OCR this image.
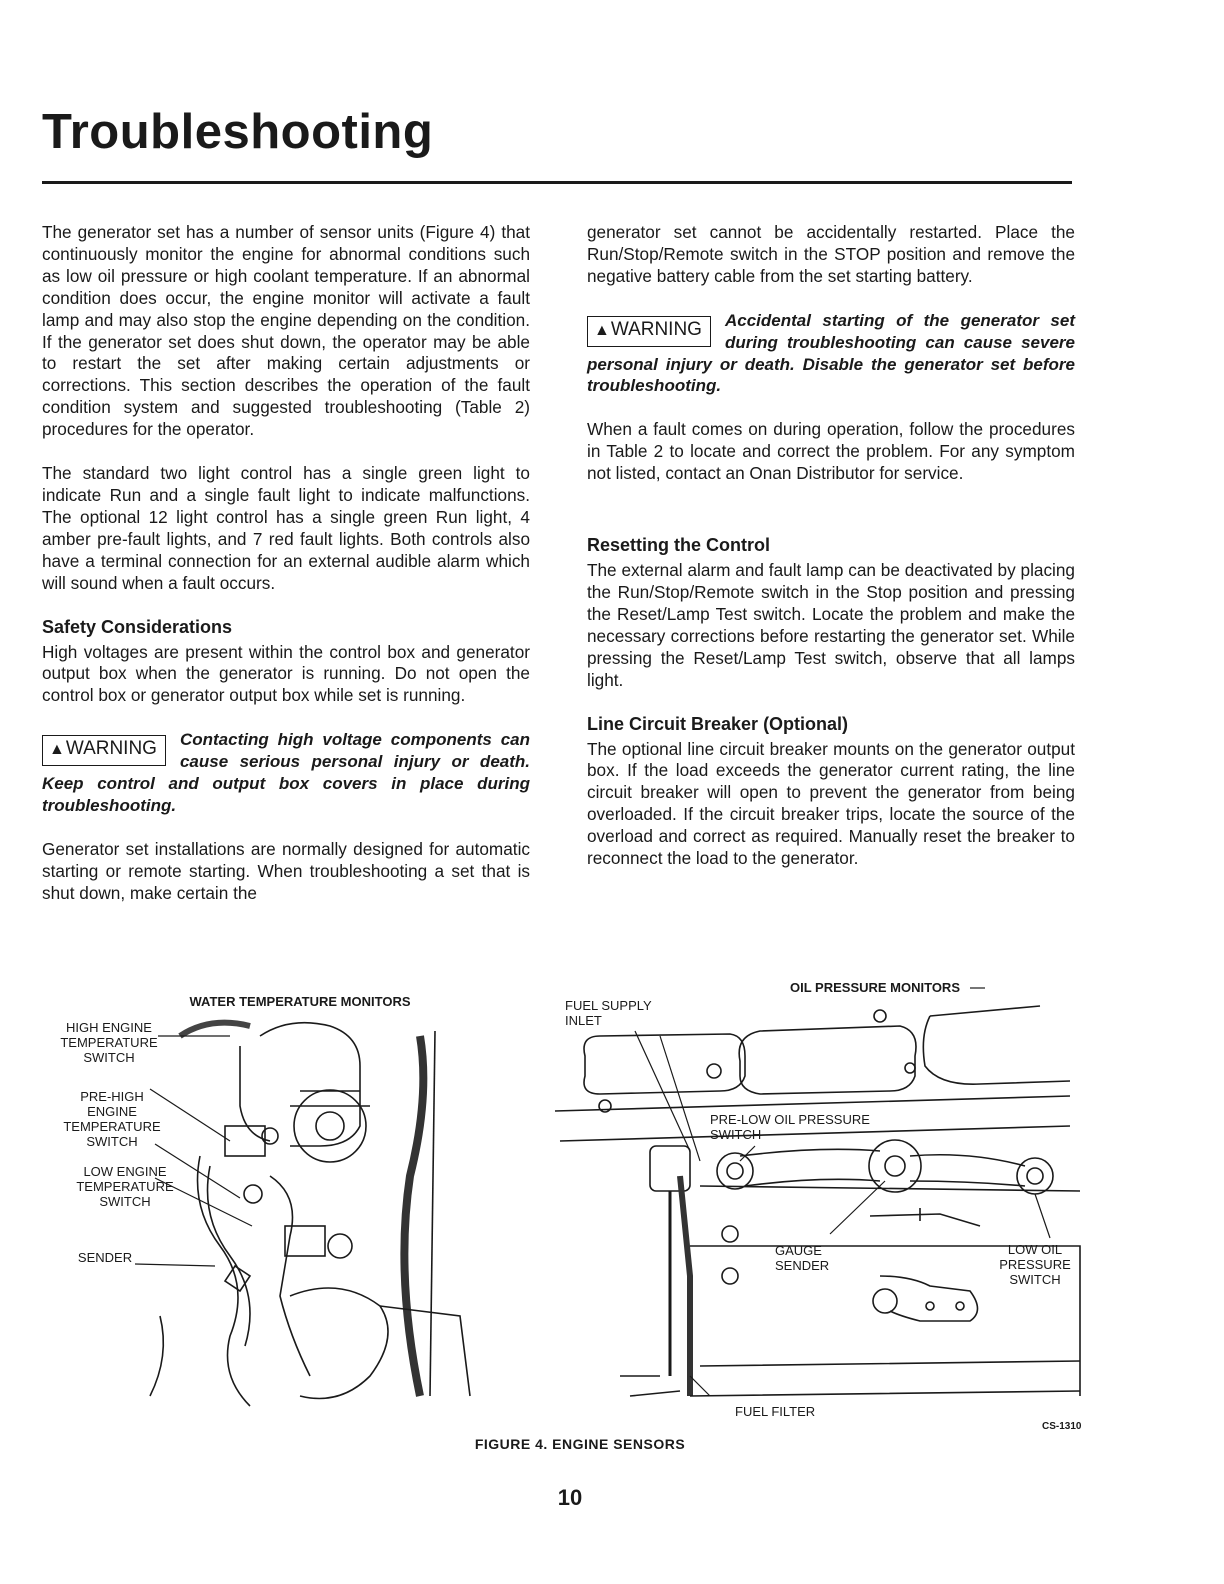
Troubleshooting

The generator set has a number of sensor units (Figure 4) that continuously monitor the engine for abnormal conditions such as low oil pressure or high coolant temperature. If an abnormal condition does occur, the engine monitor will activate a fault lamp and may also stop the engine depending on the condition. If the generator set does shut down, the operator may be able to restart the set after making certain adjustments or corrections. This section describes the operation of the fault condition system and suggested troubleshooting (Table 2) procedures for the operator.

The standard two light control has a single green light to indicate Run and a single fault light to indicate malfunctions. The optional 12 light control has a single green Run light, 4 amber pre-fault lights, and 7 red fault lights. Both controls also have a terminal connection for an external audible alarm which will sound when a fault occurs.

Safety Considerations

High voltages are present within the control box and generator output box when the generator is running. Do not open the control box or generator output box while set is running.

▲WARNING	Contacting high voltage components can cause serious personal injury or death. Keep control and output box covers in place during troubleshooting.

Generator set installations are normally designed for automatic starting or remote starting. When troubleshooting a set that is shut down, make certain the

generator set cannot be accidentally restarted. Place the Run/Stop/Remote switch in the STOP position and remove the negative battery cable from the set starting battery.

▲WARNING	Accidental starting of the generator set during troubleshooting can cause severe personal injury or death. Disable the generator set before troubleshooting.

When a fault comes on during operation, follow the procedures in Table 2 to locate and correct the problem. For any symptom not listed, contact an Onan Distributor for service.

Resetting the Control

The external alarm and fault lamp can be deactivated by placing the Run/Stop/Remote switch in the Stop position and pressing the Reset/Lamp Test switch. Locate the problem and make the necessary corrections before restarting the generator set. While pressing the Reset/Lamp Test switch, observe that all lamps light.

Line Circuit Breaker (Optional)

The optional line circuit breaker mounts on the generator output box. If the load exceeds the generator current rating, the line circuit breaker will open to prevent the generator from being overloaded. If the circuit breaker trips, locate the source of the overload and correct as required. Manually reset the breaker to reconnect the load to the generator.

WATER TEMPERATURE MONITORS
HIGH ENGINE TEMPERATURE SWITCH
PRE-HIGH ENGINE TEMPERATURE SWITCH
LOW ENGINE TEMPERATURE SWITCH
SENDER
OIL PRESSURE MONITORS
FUEL SUPPLY INLET
PRE-LOW OIL PRESSURE SWITCH
GAUGE SENDER
LOW OIL PRESSURE SWITCH
FUEL FILTER
CS-1310
FIGURE 4. ENGINE SENSORS
10
